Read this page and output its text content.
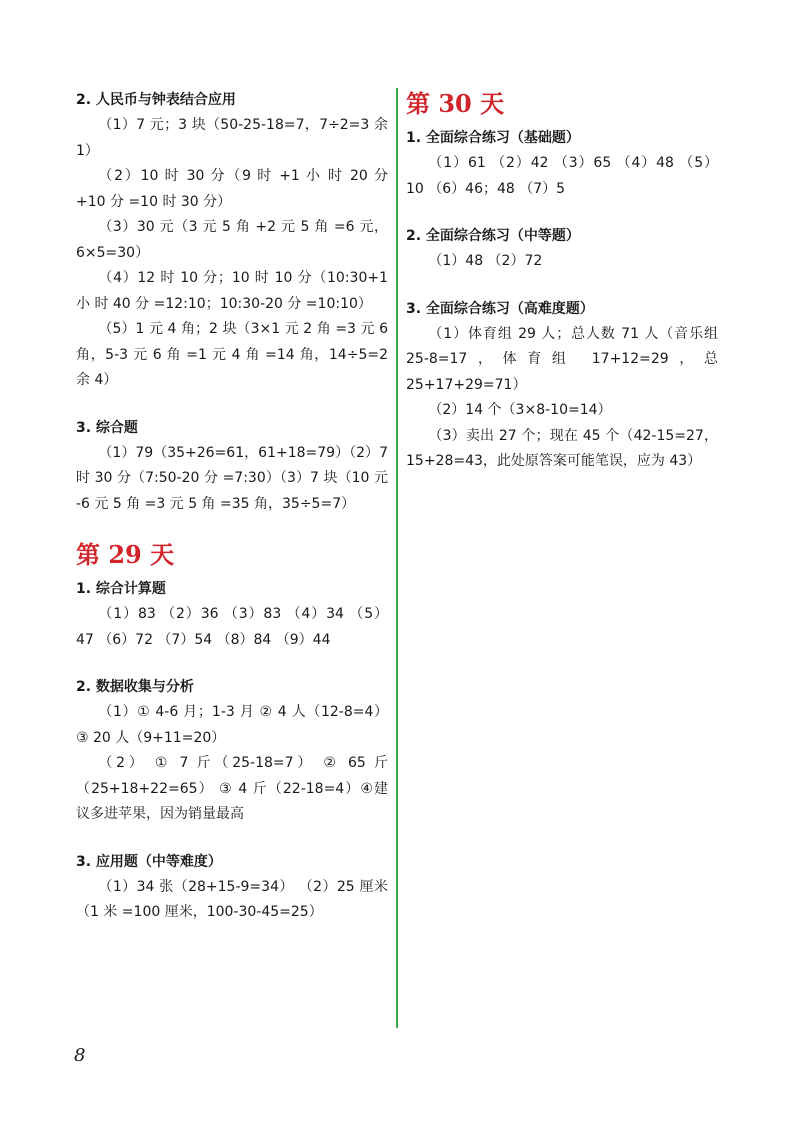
2. 人民币与钟表结合应用

（1）7 元；3 块（50-25-18=7，7÷2=3 余 1）

（2）10 时 30 分（9 时 +1 小 时 20 分 +10 分 =10 时 30 分）

（3）30 元（3 元 5 角 +2 元 5 角 =6 元，6×5=30）

（4）12 时 10 分；10 时 10 分（10:30+1 小 时 40 分 =12:10；10:30-20 分 =10:10）

（5）1 元 4 角；2 块（3×1 元 2 角 =3 元 6 角，5-3 元 6 角 =1 元 4 角 =14 角，14÷5=2 余 4）

3. 综合题

（1）79（35+26=61，61+18=79）（2）7 时 30 分（7:50-20 分 =7:30）（3）7 块（10 元 -6 元 5 角 =3 元 5 角 =35 角，35÷5=7）

第 29 天

1. 综合计算题

（1）83 （2）36 （3）83 （4）34 （5）47 （6）72 （7）54 （8）84 （9）44

2. 数据收集与分析

（1）① 4-6 月；1-3 月 ② 4 人（12-8=4）③ 20 人（9+11=20）

（2） ① 7 斤（25-18=7） ② 65 斤（25+18+22=65） ③ 4 斤（22-18=4）④建议多进苹果，因为销量最高

3. 应用题（中等难度）

（1）34 张（28+15-9=34） （2）25 厘米（1 米 =100 厘米，100-30-45=25）

第 30 天

1. 全面综合练习（基础题）

（1）61 （2）42 （3）65 （4）48 （5）10 （6）46；48 （7）5

2. 全面综合练习（中等题）

（1）48 （2）72

3. 全面综合练习（高难度题）

（1）体育组 29 人；总人数 71 人（音乐组 25-8=17，体育组 17+12=29，总 25+17+29=71）

（2）14 个（3×8-10=14）

（3）卖出 27 个；现在 45 个（42-15=27，15+28=43，此处原答案可能笔误，应为 43）

8
